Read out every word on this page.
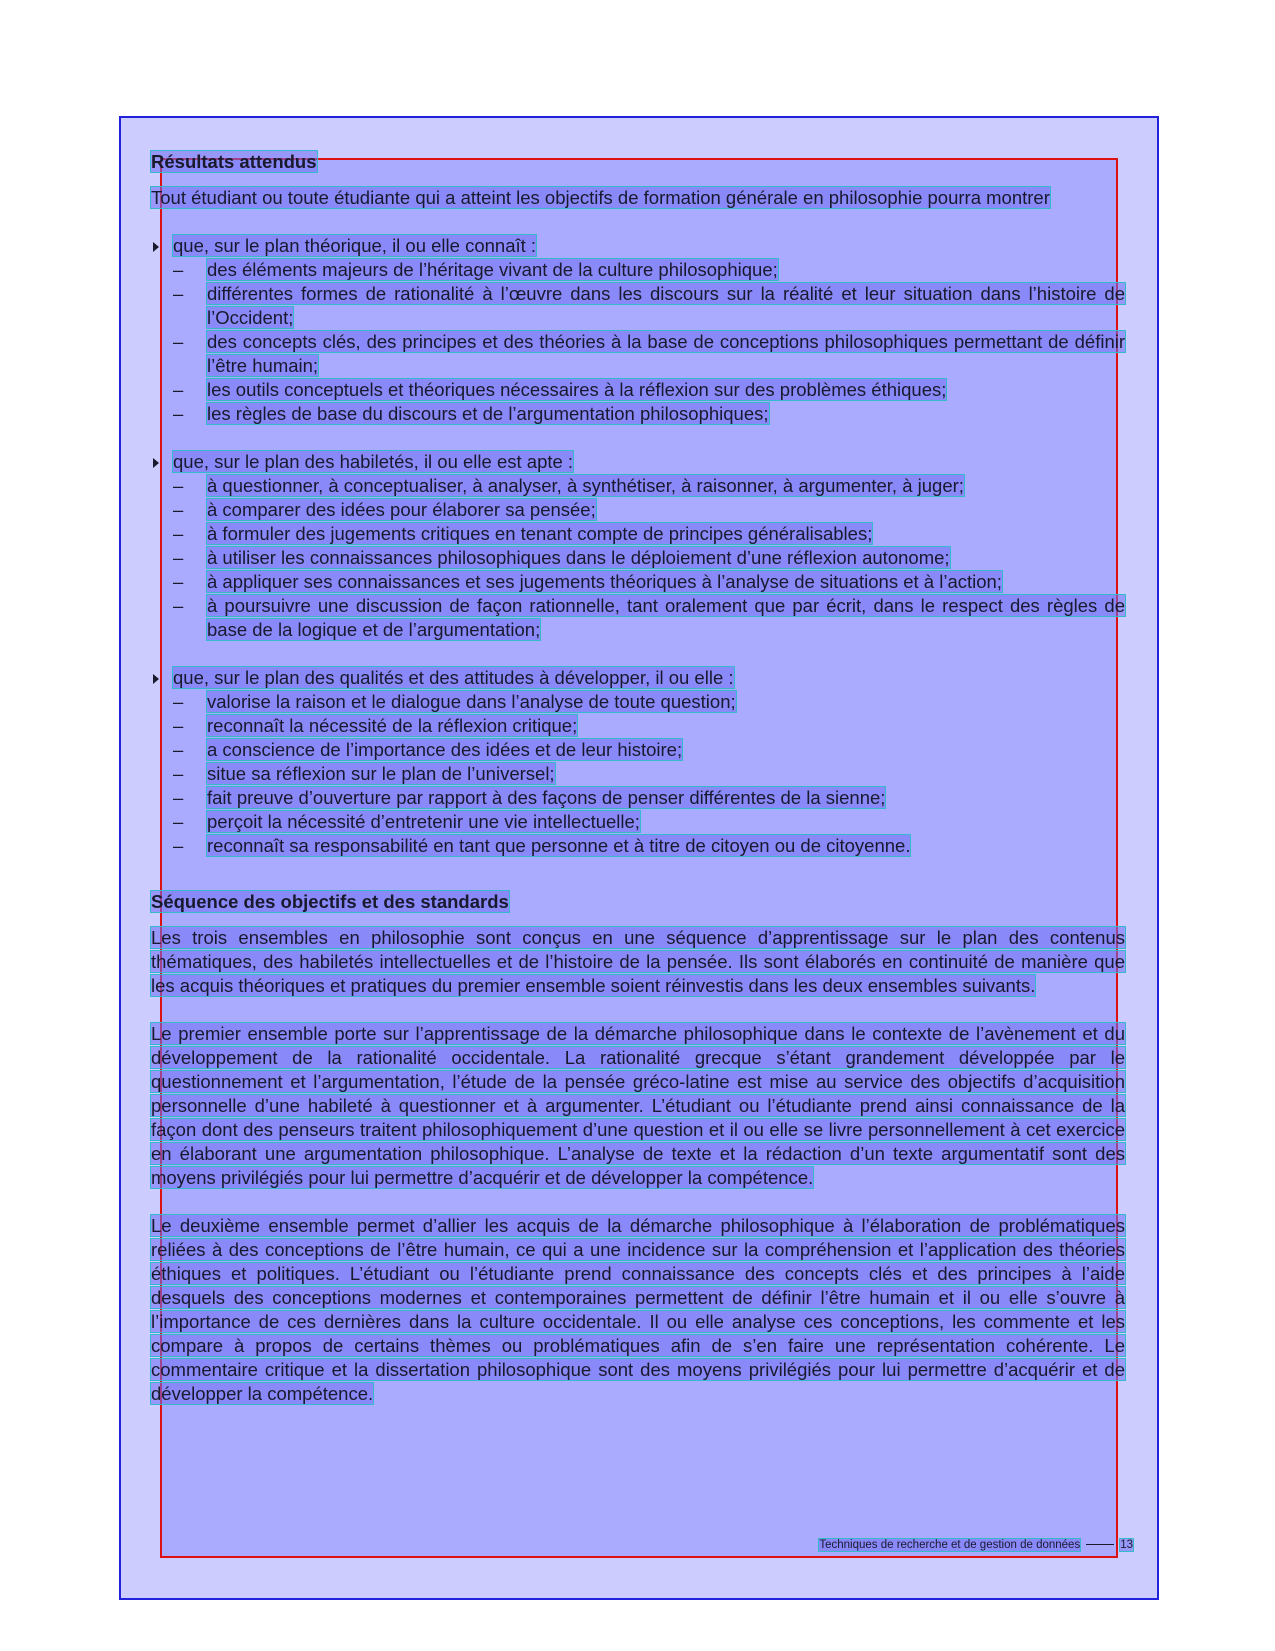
Résultats attendus

Tout étudiant ou toute étudiante qui a atteint les objectifs de formation générale en philosophie pourra montrer

que, sur le plan théorique, il ou elle connaît :

– des éléments majeurs de l’héritage vivant de la culture philosophique;
– différentes formes de rationalité à l’œuvre dans les discours sur la réalité et leur situation dans l’histoire de l’Occident;
– des concepts clés, des principes et des théories à la base de conceptions philosophiques permettant de définir l’être humain;
– les outils conceptuels et théoriques nécessaires à la réflexion sur des problèmes éthiques;
– les règles de base du discours et de l’argumentation philosophiques;

que, sur le plan des habiletés, il ou elle est apte :

– à questionner, à conceptualiser, à analyser, à synthétiser, à raisonner, à argumenter, à juger;
– à comparer des idées pour élaborer sa pensée;
– à formuler des jugements critiques en tenant compte de principes généralisables;
– à utiliser les connaissances philosophiques dans le déploiement d’une réflexion autonome;
– à appliquer ses connaissances et ses jugements théoriques à l’analyse de situations et à l’action;
– à poursuivre une discussion de façon rationnelle, tant oralement que par écrit, dans le respect des règles de base de la logique et de l’argumentation;

que, sur le plan des qualités et des attitudes à développer, il ou elle :

– valorise la raison et le dialogue dans l’analyse de toute question;
– reconnaît la nécessité de la réflexion critique;
– a conscience de l’importance des idées et de leur histoire;
– situe sa réflexion sur le plan de l’universel;
– fait preuve d’ouverture par rapport à des façons de penser différentes de la sienne;
– perçoit la nécessité d’entretenir une vie intellectuelle;
– reconnaît sa responsabilité en tant que personne et à titre de citoyen ou de citoyenne.
Séquence des objectifs et des standards

Les trois ensembles en philosophie sont conçus en une séquence d’apprentissage sur le plan des contenus thématiques, des habiletés intellectuelles et de l’histoire de la pensée. Ils sont élaborés en continuité de manière que les acquis théoriques et pratiques du premier ensemble soient réinvestis dans les deux ensembles suivants.

Le premier ensemble porte sur l’apprentissage de la démarche philosophique dans le contexte de l’avènement et du développement de la rationalité occidentale. La rationalité grecque s’étant grandement développée par le questionnement et l’argumentation, l’étude de la pensée gréco-latine est mise au service des objectifs d’acquisition personnelle d’une habileté à questionner et à argumenter. L’étudiant ou l’étudiante prend ainsi connaissance de la façon dont des penseurs traitent philosophiquement d’une question et il ou elle se livre personnellement à cet exercice en élaborant une argumentation philosophique. L’analyse de texte et la rédaction d’un texte argumentatif sont des moyens privilégiés pour lui permettre d’acquérir et de développer la compétence.

Le deuxième ensemble permet d’allier les acquis de la démarche philosophique à l’élaboration de problématiques reliées à des conceptions de l’être humain, ce qui a une incidence sur la compréhension et l’application des théories éthiques et politiques. L’étudiant ou l’étudiante prend connaissance des concepts clés et des principes à l’aide desquels des conceptions modernes et contemporaines permettent de définir l’être humain et il ou elle s’ouvre à l’importance de ces dernières dans la culture occidentale. Il ou elle analyse ces conceptions, les commente et les compare à propos de certains thèmes ou problématiques afin de s’en faire une représentation cohérente. Le commentaire critique et la dissertation philosophique sont des moyens privilégiés pour lui permettre d’acquérir et de développer la compétence.

Techniques de recherche et de gestion de données	13
